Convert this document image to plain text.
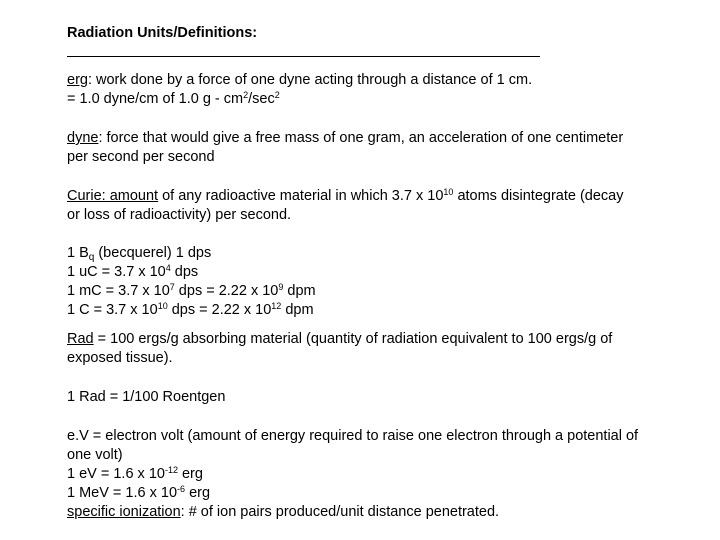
Radiation Units/Definitions:

erg: work done by a force of one dyne acting through a distance of 1 cm.

= 1.0 dyne/cm of 1.0 g - $cm^2/\sec^2$

dyne: force that would give a free mass of one gram, an acceleration of one centimeter

per second per second

Curie: amount of any radioactive material in which 3.7 x $10^{10}$ atoms disintegrate (decay

or loss of radioactivity) per second.

1 $B_q$ (becquerel) 1 dps

1 uC = 3.7 x $10^4$ dps

1 mC = 3.7 x $10^7$ dps = 2.22 x $10^9$ dpm

1 C = 3.7 x $10^{10}$ dps = 2.22 x $10^{12}$ dpm

Rad = 100 ergs/g absorbing material (quantity of radiation equivalent to 100 ergs/g of

exposed tissue).

1 Rad = 1/100 Roentgen

e.V = electron volt (amount of energy required to raise one electron through a potential of

one volt)

1 eV = 1.6 x $10^{-12}$ erg

1 MeV = 1.6 x $10^{-6}$ erg

specific ionization: # of ion pairs produced/unit distance penetrated.
